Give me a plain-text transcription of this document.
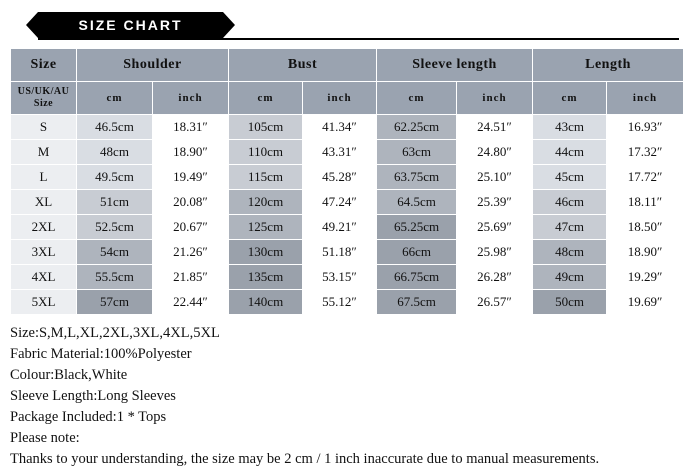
SIZE CHART
Size	Shoulder		Bust		Sleeve length		Length	

US/UK/AU
Size	cm	inch	cm	inch	cm	inch	cm	inch
S	46.5cm	18.31″	105cm	41.34″	62.25cm	24.51″	43cm	16.93″
M	48cm	18.90″	110cm	43.31″	63cm	24.80″	44cm	17.32″
L	49.5cm	19.49″	115cm	45.28″	63.75cm	25.10″	45cm	17.72″
XL	51cm	20.08″	120cm	47.24″	64.5cm	25.39″	46cm	18.11″
2XL	52.5cm	20.67″	125cm	49.21″	65.25cm	25.69″	47cm	18.50″
3XL	54cm	21.26″	130cm	51.18″	66cm	25.98″	48cm	18.90″
4XL	55.5cm	21.85″	135cm	53.15″	66.75cm	26.28″	49cm	19.29″
5XL	57cm	22.44″	140cm	55.12″	67.5cm	26.57″	50cm	19.69″
Size:S,M,L,XL,2XL,3XL,4XL,5XL
Fabric Material:100%Polyester
Colour:Black,White
Sleeve Length:Long Sleeves
Package Included:1 * Tops
Please note:
Thanks to your understanding, the size may be 2 cm / 1 inch inaccurate due to manual measurements.
